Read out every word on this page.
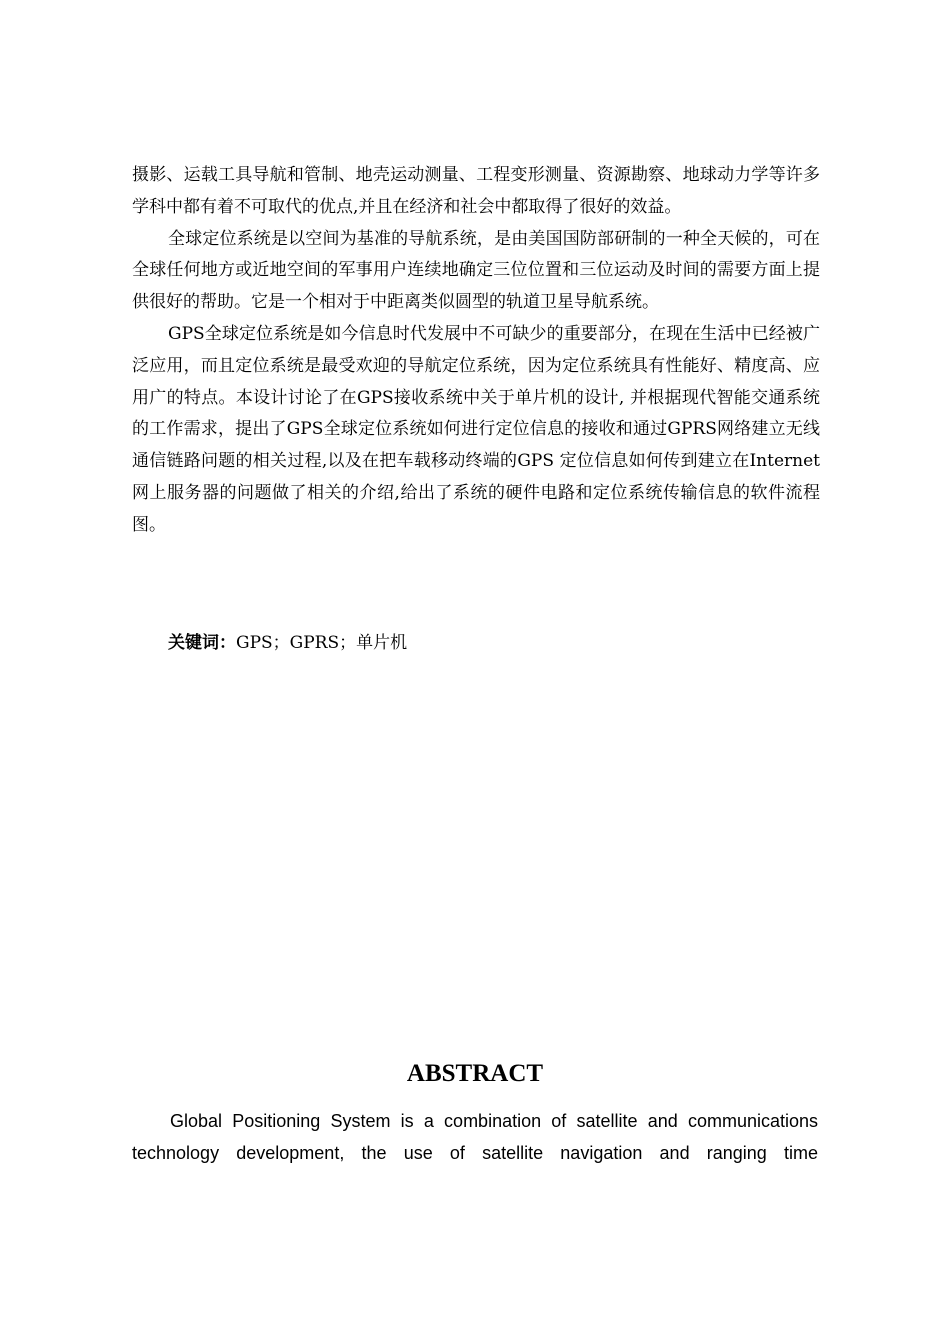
摄影、运载工具导航和管制、地壳运动测量、工程变形测量、资源勘察、地球动力学等许多学科中都有着不可取代的优点,并且在经济和社会中都取得了很好的效益。

全球定位系统是以空间为基准的导航系统，是由美国国防部研制的一种全天候的，可在全球任何地方或近地空间的军事用户连续地确定三位位置和三位运动及时间的需要方面上提供很好的帮助。它是一个相对于中距离类似圆型的轨道卫星导航系统。

GPS全球定位系统是如今信息时代发展中不可缺少的重要部分，在现在生活中已经被广泛应用，而且定位系统是最受欢迎的导航定位系统，因为定位系统具有性能好、精度高、应用广的特点。本设计讨论了在GPS接收系统中关于单片机的设计, 并根据现代智能交通系统的工作需求，提出了GPS全球定位系统如何进行定位信息的接收和通过GPRS网络建立无线通信链路问题的相关过程,以及在把车载移动终端的GPS 定位信息如何传到建立在Internet网上服务器的问题做了相关的介绍,给出了系统的硬件电路和定位系统传输信息的软件流程图。

关键词：GPS；GPRS；单片机
ABSTRACT

Global Positioning System is a combination of satellite and communications technology development, the use of satellite navigation and ranging time
